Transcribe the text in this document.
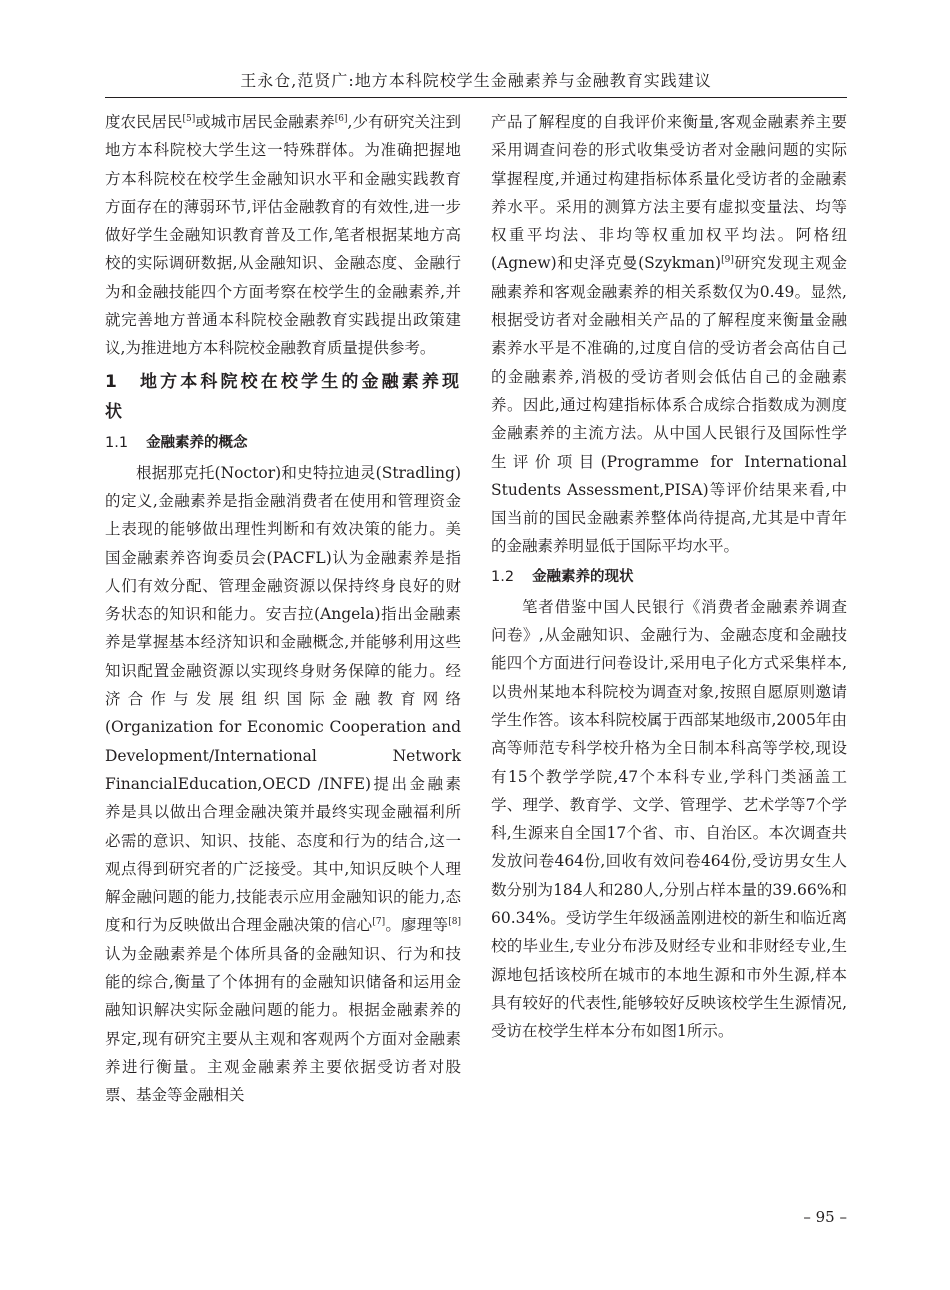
王永仓,范贤广:地方本科院校学生金融素养与金融教育实践建议

度农民居民[5]或城市居民金融素养[6],少有研究关注到地方本科院校大学生这一特殊群体。为准确把握地方本科院校在校学生金融知识水平和金融实践教育方面存在的薄弱环节,评估金融教育的有效性,进一步做好学生金融知识教育普及工作,笔者根据某地方高校的实际调研数据,从金融知识、金融态度、金融行为和金融技能四个方面考察在校学生的金融素养,并就完善地方普通本科院校金融教育实践提出政策建议,为推进地方本科院校金融教育质量提供参考。

1 地方本科院校在校学生的金融素养现状
1.1 金融素养的概念

根据那克托(Noctor)和史特拉迪灵(Stradling)的定义,金融素养是指金融消费者在使用和管理资金上表现的能够做出理性判断和有效决策的能力。美国金融素养咨询委员会(PACFL)认为金融素养是指人们有效分配、管理金融资源以保持终身良好的财务状态的知识和能力。安吉拉(Angela)指出金融素养是掌握基本经济知识和金融概念,并能够利用这些知识配置金融资源以实现终身财务保障的能力。经济合作与发展组织国际金融教育网络(Organization for Economic Cooperation and Development/International Network FinancialEducation,OECD /INFE)提出金融素养是具以做出合理金融决策并最终实现金融福利所必需的意识、知识、技能、态度和行为的结合,这一观点得到研究者的广泛接受。其中,知识反映个人理解金融问题的能力,技能表示应用金融知识的能力,态度和行为反映做出合理金融决策的信心[7]。廖理等[8]认为金融素养是个体所具备的金融知识、行为和技能的综合,衡量了个体拥有的金融知识储备和运用金融知识解决实际金融问题的能力。根据金融素养的界定,现有研究主要从主观和客观两个方面对金融素养进行衡量。主观金融素养主要依据受访者对股票、基金等金融相关

产品了解程度的自我评价来衡量,客观金融素养主要采用调查问卷的形式收集受访者对金融问题的实际掌握程度,并通过构建指标体系量化受访者的金融素养水平。采用的测算方法主要有虚拟变量法、均等权重平均法、非均等权重加权平均法。阿格纽(Agnew)和史泽克曼(Szykman)[9]研究发现主观金融素养和客观金融素养的相关系数仅为0.49。显然,根据受访者对金融相关产品的了解程度来衡量金融素养水平是不准确的,过度自信的受访者会高估自己的金融素养,消极的受访者则会低估自己的金融素养。因此,通过构建指标体系合成综合指数成为测度金融素养的主流方法。从中国人民银行及国际性学生评价项目(Programme for International Students Assessment,PISA)等评价结果来看,中国当前的国民金融素养整体尚待提高,尤其是中青年的金融素养明显低于国际平均水平。

1.2 金融素养的现状

笔者借鉴中国人民银行《消费者金融素养调查问卷》,从金融知识、金融行为、金融态度和金融技能四个方面进行问卷设计,采用电子化方式采集样本,以贵州某地本科院校为调查对象,按照自愿原则邀请学生作答。该本科院校属于西部某地级市,2005年由高等师范专科学校升格为全日制本科高等学校,现设有15个教学学院,47个本科专业,学科门类涵盖工学、理学、教育学、文学、管理学、艺术学等7个学科,生源来自全国17个省、市、自治区。本次调查共发放问卷464份,回收有效问卷464份,受访男女生人数分别为184人和280人,分别占样本量的39.66%和60.34%。受访学生年级涵盖刚进校的新生和临近离校的毕业生,专业分布涉及财经专业和非财经专业,生源地包括该校所在城市的本地生源和市外生源,样本具有较好的代表性,能够较好反映该校学生生源情况,受访在校学生样本分布如图1所示。

– 95 –
